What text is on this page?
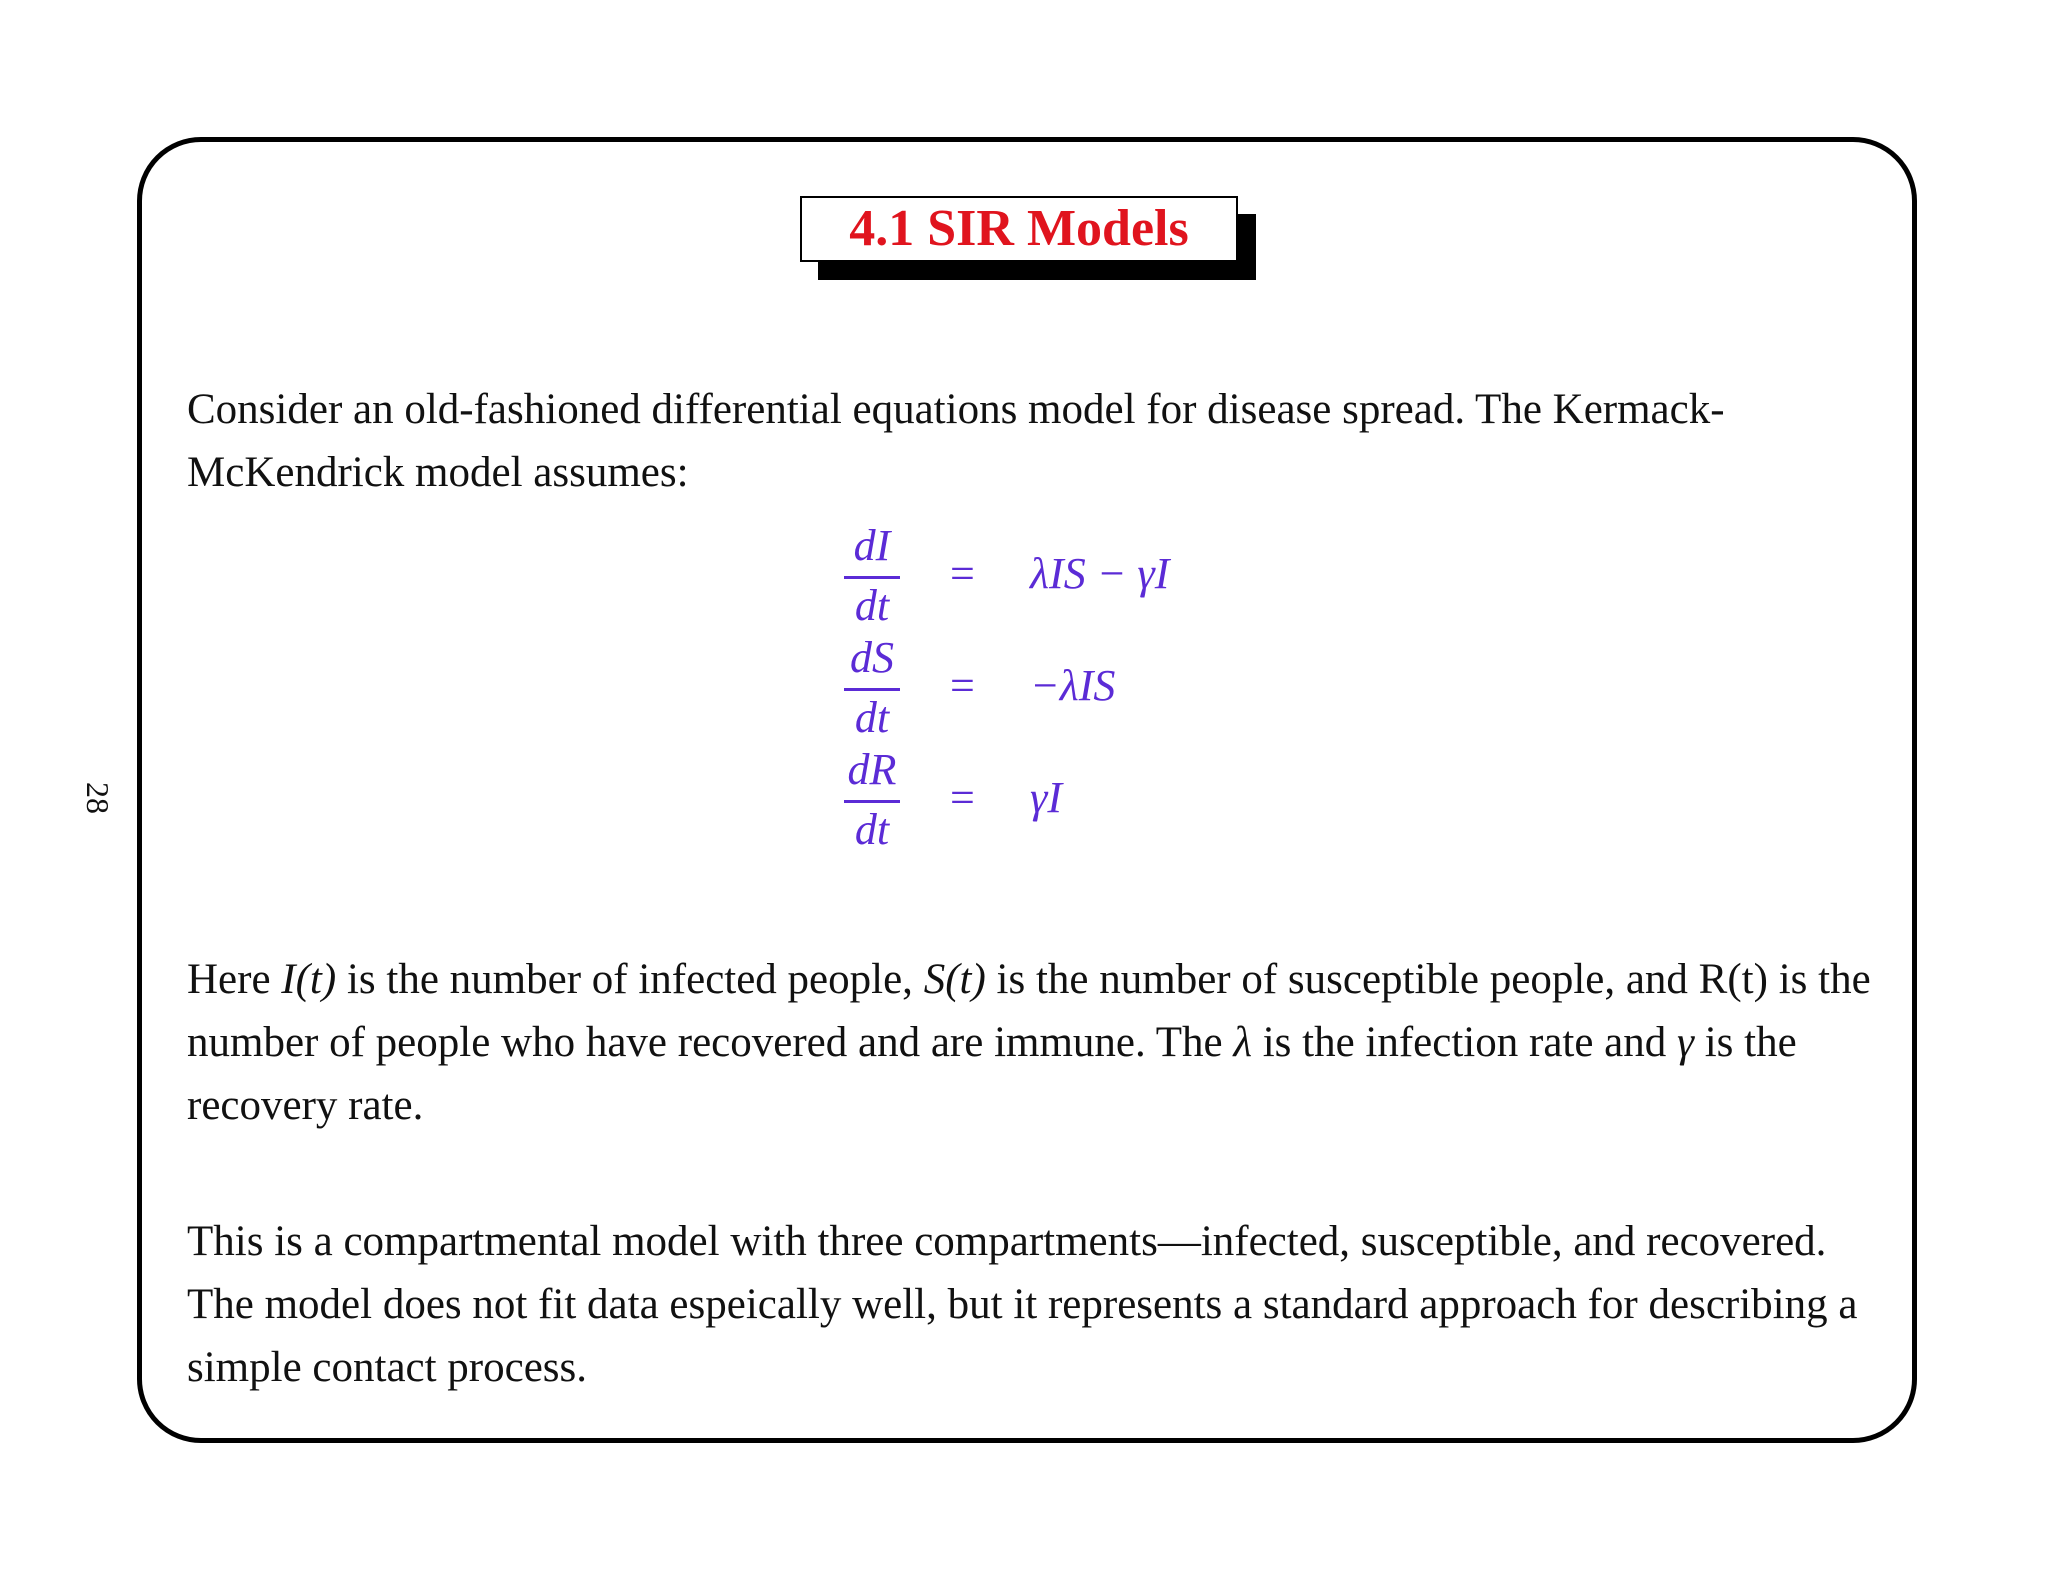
28
4.1 SIR Models
Consider an old-fashioned differential equations model for disease spread. The Kermack-McKendrick model assumes:
dI
dt
= λIS − γI
dS
dt
= −λIS
dR
dt
= γI
Here I(t) is the number of infected people, S(t) is the number of susceptible people, and R(t) is the number of people who have recovered and are immune. The λ is the infection rate and γ is the recovery rate.
This is a compartmental model with three compartments—infected, susceptible, and recovered. The model does not fit data espeically well, but it represents a standard approach for describing a simple contact process.
